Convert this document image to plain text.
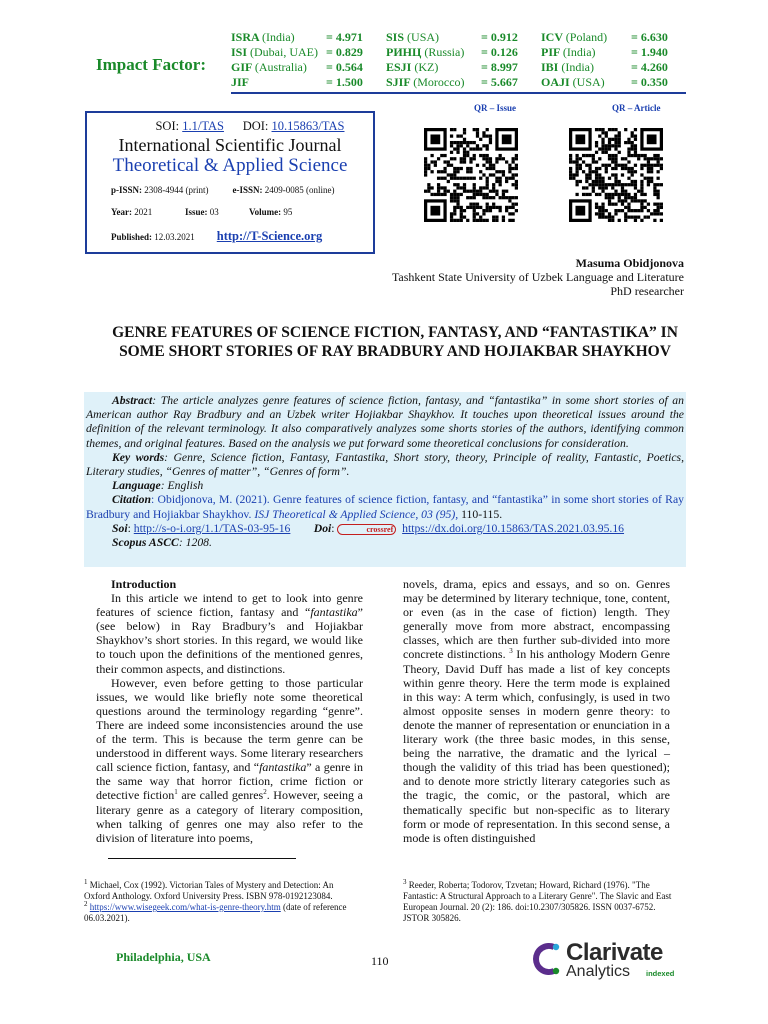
Impact Factor:
ISRA (India)	= 4.971 SIS (USA)	= 0.912 ICV (Poland)	= 6.630
ISI (Dubai, UAE) = 0.829 РИНЦ (Russia)	= 0.126 PIF (India)	= 1.940
GIF (Australia)	= 0.564 ESJI (KZ)	= 8.997 IBI (India)	= 4.260
JIF	= 1.500 SJIF (Morocco)	= 5.667 OAJI (USA)	= 0.350
SOI: 1.1/TAS DOI: 10.15863/TAS
International Scientific Journal
Theoretical & Applied Science
p-ISSN: 2308-4944 (print)	e-ISSN: 2409-0085 (online)
Year: 2021	Issue: 03	Volume: 95
Published: 12.03.2021 http://T-Science.org
QR – Issue	QR – Article
Masuma Obidjonova
Tashkent State University of Uzbek Language and Literature
PhD researcher
GENRE FEATURES OF SCIENCE FICTION, FANTASY, AND “FANTASTIKA” IN SOME SHORT STORIES OF RAY BRADBURY AND HOJIAKBAR SHAYKHOV

Abstract: The article analyzes genre features of science fiction, fantasy, and “fantastika” in some short stories of an American author Ray Bradbury and an Uzbek writer Hojiakbar Shaykhov. It touches upon theoretical issues around the definition of the relevant terminology. It also comparatively analyzes some shorts stories of the authors, identifying common themes, and original features. Based on the analysis we put forward some theoretical conclusions for consideration.

Key words: Genre, Science fiction, Fantasy, Fantastika, Short story, theory, Principle of reality, Fantastic, Poetics, Literary studies, “Genres of matter”, “Genres of form”.

Language: English

Citation: Obidjonova, M. (2021). Genre features of science fiction, fantasy, and “fantastika” in some short stories of Ray Bradbury and Hojiakbar Shaykhov. ISJ Theoretical & Applied Science, 03 (95), 110-115.

Soi: http://s-o-i.org/1.1/TAS-03-95-16 Doi:	crossref https://dx.doi.org/10.15863/TAS.2021.03.95.16

Scopus ASCC: 1208.

Introduction

In this article we intend to get to look into genre features of science fiction, fantasy and “fantastika” (see below) in Ray Bradbury’s and Hojiakbar Shaykhov’s short stories. In this regard, we would like to touch upon the definitions of the mentioned genres, their common aspects, and distinctions.

However, even before getting to those particular issues, we would like briefly note some theoretical questions around the terminology regarding “genre”. There are indeed some inconsistencies around the use of the term. This is because the term genre can be understood in different ways. Some literary researchers call science fiction, fantasy, and “fantastika” a genre in the same way that horror fiction, crime fiction or detective fiction$^1$ are called genres$^2$. However, seeing a literary genre as a category of literary composition, when talking of genres one may also refer to the division of literature into poems,

novels, drama, epics and essays, and so on. Genres may be determined by literary technique, tone, content, or even (as in the case of fiction) length. They generally move from more abstract, encompassing classes, which are then further sub-divided into more concrete distinctions. $^3$ In his anthology Modern Genre Theory, David Duff has made a list of key concepts within genre theory. Here the term mode is explained in this way: A term which, confusingly, is used in two almost opposite senses in modern genre theory: to denote the manner of representation or enunciation in a literary work (the three basic modes, in this sense, being the narrative, the dramatic and the lyrical – though the validity of this triad has been questioned); and to denote more strictly literary categories such as the tragic, the comic, or the pastoral, which are thematically specific but non-specific as to literary form or mode of representation. In this second sense, a mode is often distinguished

$^1$ Michael, Cox (1992). Victorian Tales of Mystery and Detection: An Oxford Anthology. Oxford University Press. ISBN 978-0192123084.
$^2$ https://www.wisegeek.com/what-is-genre-theory.htm (date of reference 06.03.2021).
$^3$ Reeder, Roberta; Todorov, Tzvetan; Howard, Richard (1976). "The Fantastic: A Structural Approach to a Literary Genre". The Slavic and East European Journal. 20 (2): 186. doi:10.2307/305826. ISSN 0037-6752. JSTOR 305826.
Philadelphia, USA	110	Clarivate
Analytics indexed
